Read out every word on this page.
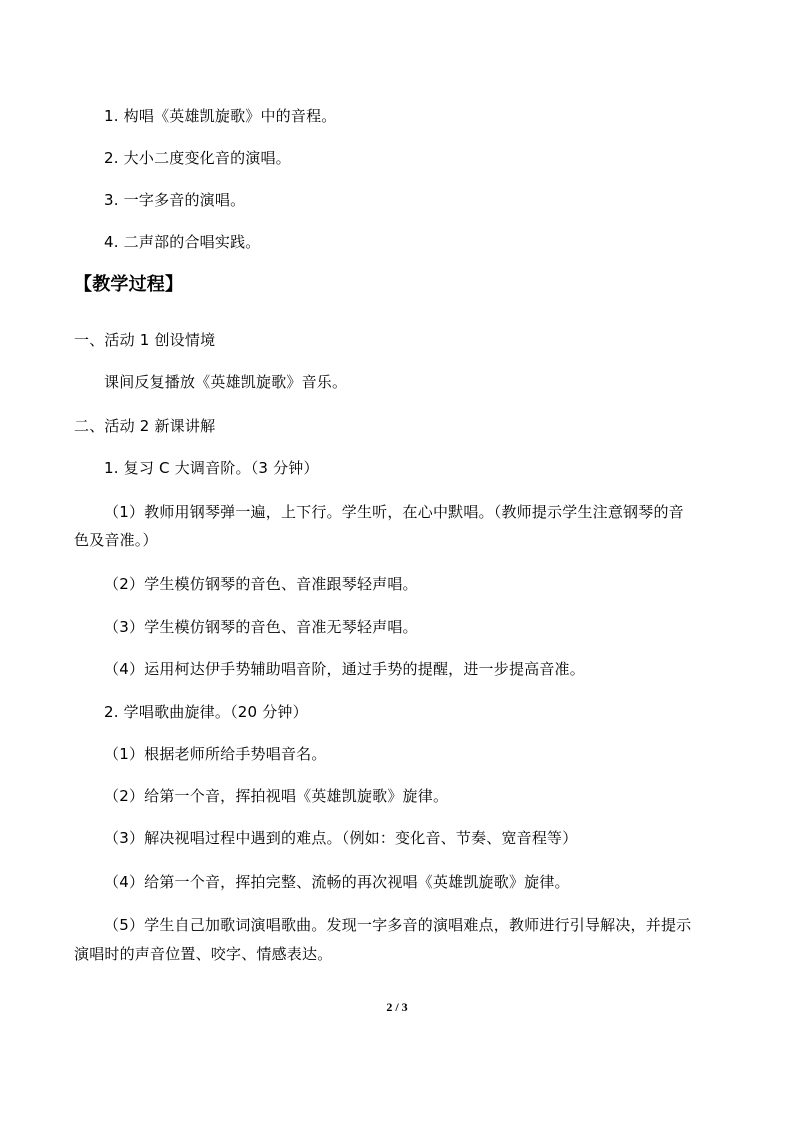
1. 构唱《英雄凯旋歌》中的音程。
2. 大小二度变化音的演唱。
3. 一字多音的演唱。
4. 二声部的合唱实践。
【教学过程】
一、活动 1 创设情境
课间反复播放《英雄凯旋歌》音乐。
二、活动 2 新课讲解
1. 复习 C 大调音阶。（3 分钟）
（1）教师用钢琴弹一遍，上下行。学生听，在心中默唱。（教师提示学生注意钢琴的音
色及音准。）
（2）学生模仿钢琴的音色、音准跟琴轻声唱。
（3）学生模仿钢琴的音色、音准无琴轻声唱。
（4）运用柯达伊手势辅助唱音阶，通过手势的提醒，进一步提高音准。
2. 学唱歌曲旋律。（20 分钟）
（1）根据老师所给手势唱音名。
（2）给第一个音，挥拍视唱《英雄凯旋歌》旋律。
（3）解决视唱过程中遇到的难点。（例如：变化音、节奏、宽音程等）
（4）给第一个音，挥拍完整、流畅的再次视唱《英雄凯旋歌》旋律。
（5）学生自己加歌词演唱歌曲。发现一字多音的演唱难点，教师进行引导解决，并提示
演唱时的声音位置、咬字、情感表达。
2 / 3
